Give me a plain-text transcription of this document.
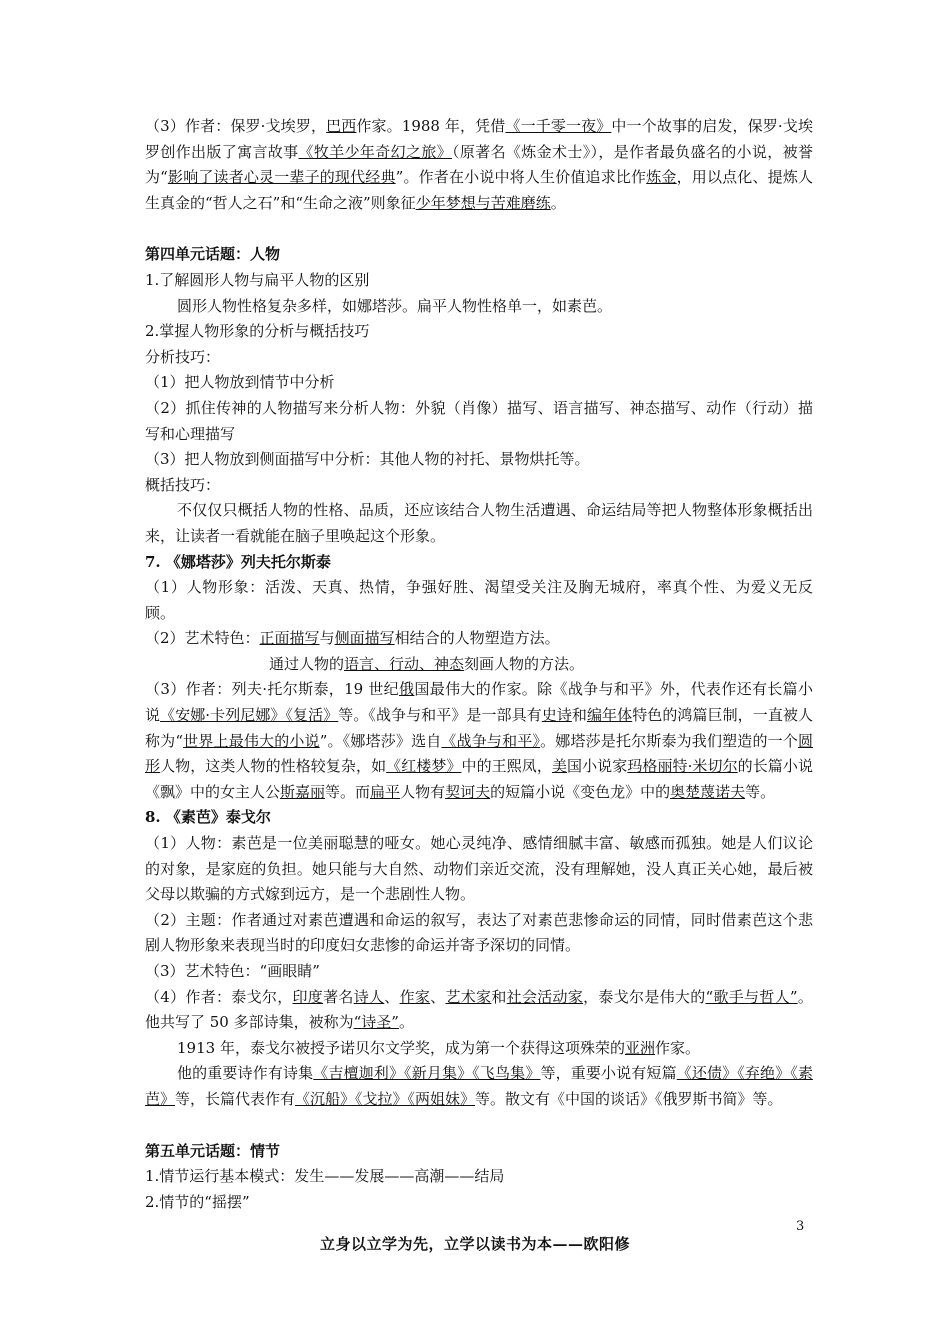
（3）作者：保罗·戈埃罗，巴西作家。1988 年，凭借《一千零一夜》中一个故事的启发，保罗·戈埃罗创作出版了寓言故事《牧羊少年奇幻之旅》（原著名《炼金术士》），是作者最负盛名的小说，被誉为“影响了读者心灵一辈子的现代经典”。作者在小说中将人生价值追求比作炼金，用以点化、提炼人生真金的“哲人之石”和“生命之液”则象征少年梦想与苦难磨练。

第四单元话题：人物

1.了解圆形人物与扁平人物的区别

圆形人物性格复杂多样，如娜塔莎。扁平人物性格单一，如素芭。

2.掌握人物形象的分析与概括技巧

分析技巧：

（1）把人物放到情节中分析

（2）抓住传神的人物描写来分析人物：外貌（肖像）描写、语言描写、神态描写、动作（行动）描写和心理描写

（3）把人物放到侧面描写中分析：其他人物的衬托、景物烘托等。

概括技巧：

不仅仅只概括人物的性格、品质，还应该结合人物生活遭遇、命运结局等把人物整体形象概括出来，让读者一看就能在脑子里唤起这个形象。

7. 《娜塔莎》列夫托尔斯泰

（1）人物形象：活泼、天真、热情，争强好胜、渴望受关注及胸无城府，率真个性、为爱义无反顾。

（2）艺术特色：正面描写与侧面描写相结合的人物塑造方法。

通过人物的语言、行动、神态刻画人物的方法。

（3）作者：列夫·托尔斯泰，19 世纪俄国最伟大的作家。除《战争与和平》外，代表作还有长篇小说《安娜·卡列尼娜》《复活》等。《战争与和平》是一部具有史诗和编年体特色的鸿篇巨制，一直被人称为“世界上最伟大的小说”。《娜塔莎》选自《战争与和平》。娜塔莎是托尔斯泰为我们塑造的一个圆形人物，这类人物的性格较复杂，如《红楼梦》中的王熙凤，美国小说家玛格丽特·米切尔的长篇小说《飘》中的女主人公斯嘉丽等。而扁平人物有契诃夫的短篇小说《变色龙》中的奥楚蔑诺夫等。

8. 《素芭》泰戈尔

（1）人物：素芭是一位美丽聪慧的哑女。她心灵纯净、感情细腻丰富、敏感而孤独。她是人们议论的对象，是家庭的负担。她只能与大自然、动物们亲近交流，没有理解她，没人真正关心她，最后被父母以欺骗的方式嫁到远方，是一个悲剧性人物。

（2）主题：作者通过对素芭遭遇和命运的叙写，表达了对素芭悲惨命运的同情，同时借素芭这个悲剧人物形象来表现当时的印度妇女悲惨的命运并寄予深切的同情。

（3）艺术特色：“画眼睛”

（4）作者：泰戈尔，印度著名诗人、作家、艺术家和社会活动家，泰戈尔是伟大的“歌手与哲人”。他共写了 50 多部诗集，被称为“诗圣”。

1913 年，泰戈尔被授予诺贝尔文学奖，成为第一个获得这项殊荣的亚洲作家。

他的重要诗作有诗集《吉檀迦利》《新月集》《飞鸟集》等，重要小说有短篇《还债》《弃绝》《素芭》等，长篇代表作有《沉船》《戈拉》《两姐妹》等。散文有《中国的谈话》《俄罗斯书简》等。

第五单元话题：情节

1.情节运行基本模式：发生——发展——高潮——结局

2.情节的“摇摆”

3
立身以立学为先，立学以读书为本——欧阳修
